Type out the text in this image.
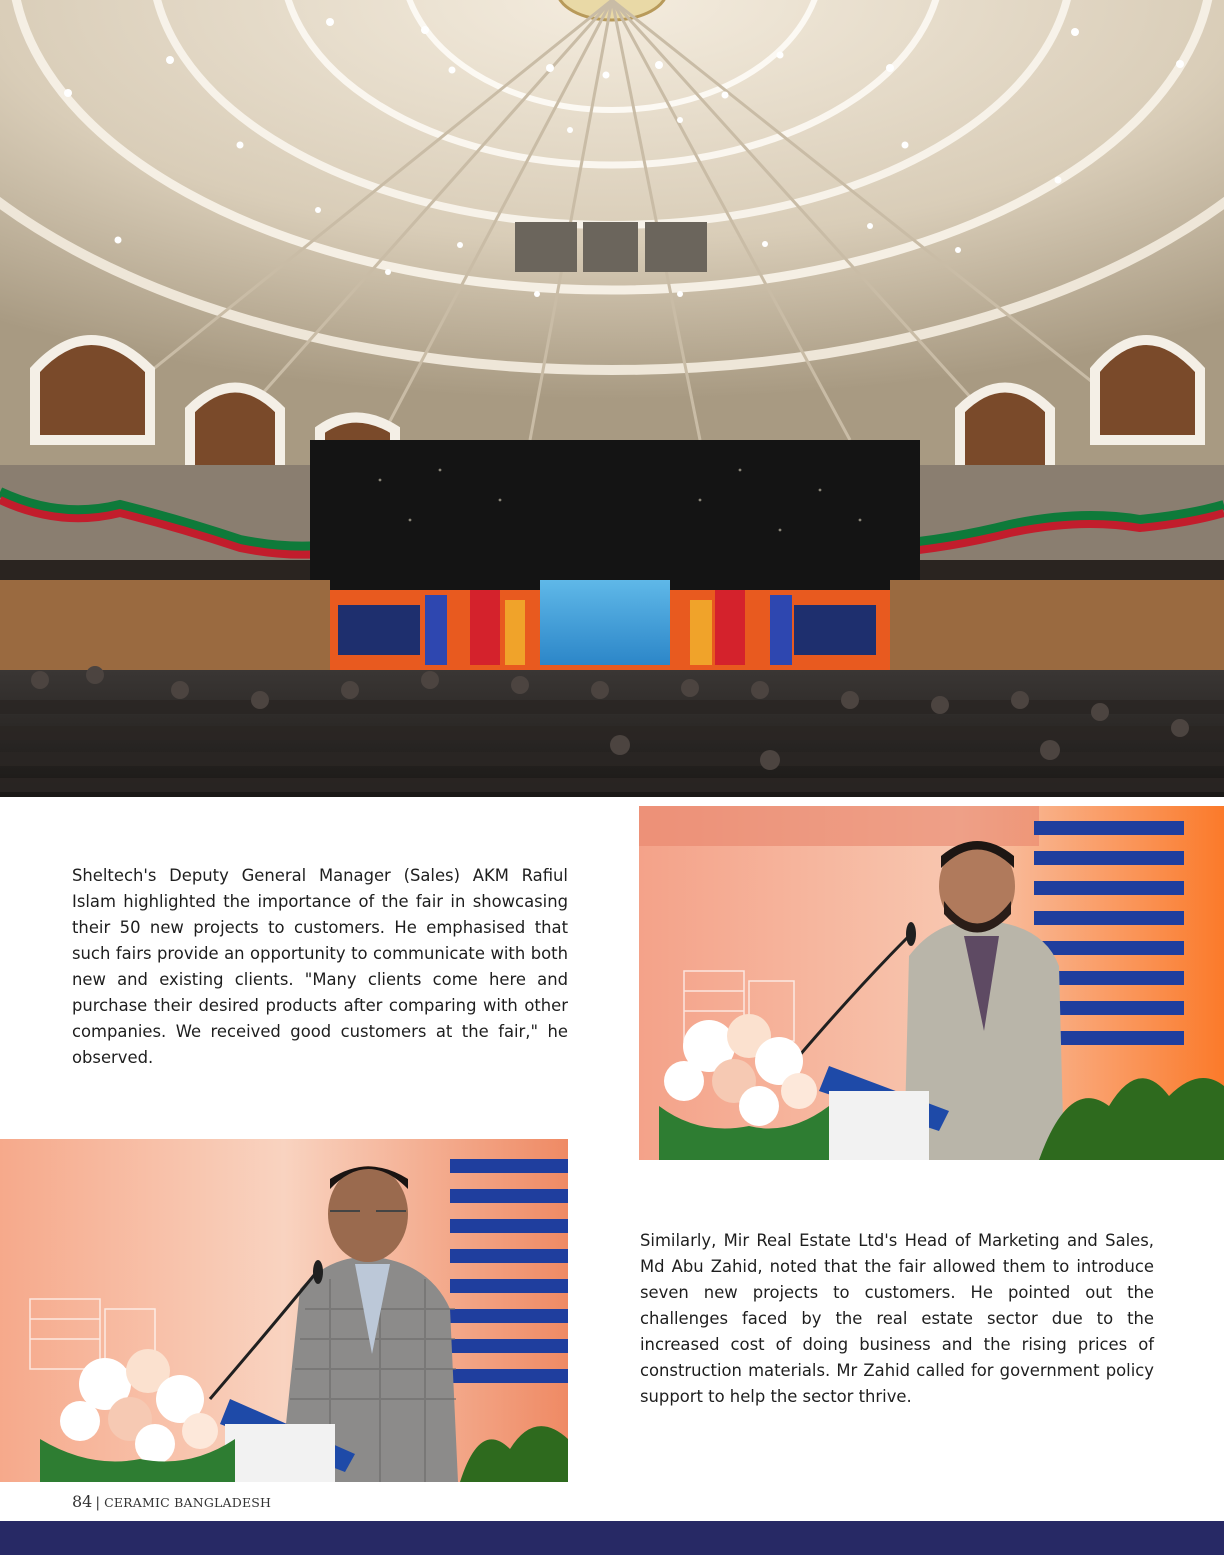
Sheltech's Deputy General Manager (Sales) AKM Rafiul Islam highlighted the importance of the fair in showcasing their 50 new projects to customers. He emphasised that such fairs provide an opportunity to communicate with both new and existing clients. "Many clients come here and purchase their desired products after comparing with other companies. We received good customers at the fair," he observed.

Similarly, Mir Real Estate Ltd's Head of Marketing and Sales, Md Abu Zahid, noted that the fair allowed them to introduce seven new projects to customers. He pointed out the challenges faced by the real estate sector due to the increased cost of doing business and the rising prices of construction materials. Mr Zahid called for government policy support to help the sector thrive.

84 | CERAMIC BANGLADESH
